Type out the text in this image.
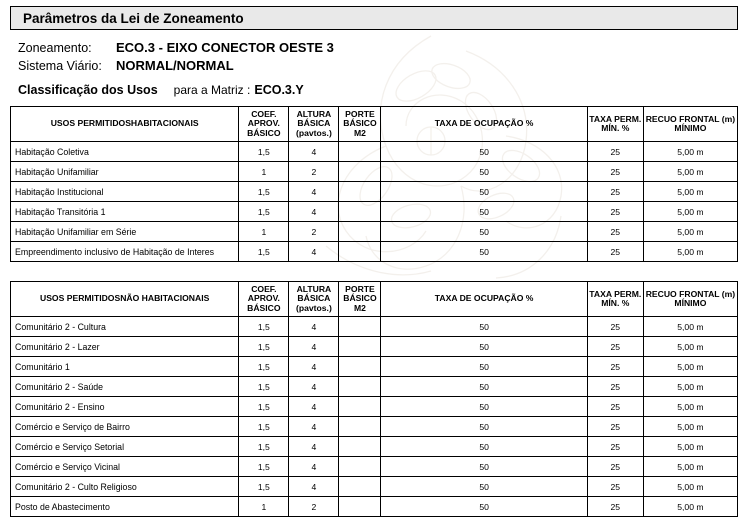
Parâmetros da Lei de Zoneamento
Zoneamento:	ECO.3 - EIXO CONECTOR OESTE 3
Sistema Viário:	NORMAL/NORMAL
Classificação dos Usos para a Matriz : ECO.3.Y
USOS PERMITIDOSHABITACIONAIS	COEF. APROV. BÁSICO	ALTURA BÁSICA (pavtos.)	PORTE BÁSICO M2	TAXA DE OCUPAÇÃO %	TAXA PERM. MÍN. %	RECUO FRONTAL (m) MÍNIMO
Habitação Coletiva	1,5	4		50	25	5,00 m
Habitação Unifamiliar	1	2		50	25	5,00 m
Habitação Institucional	1,5	4		50	25	5,00 m
Habitação Transitória 1	1,5	4		50	25	5,00 m
Habitação Unifamiliar em Série	1	2		50	25	5,00 m
Empreendimento inclusivo de Habitação de Interes	1,5	4		50	25	5,00 m
USOS PERMITIDOSNÃO HABITACIONAIS	COEF. APROV. BÁSICO	ALTURA BÁSICA (pavtos.)	PORTE BÁSICO M2	TAXA DE OCUPAÇÃO %	TAXA PERM. MÍN. %	RECUO FRONTAL (m) MÍNIMO
Comunitário 2 - Cultura	1,5	4		50	25	5,00 m
Comunitário 2 - Lazer	1,5	4		50	25	5,00 m
Comunitário 1	1,5	4		50	25	5,00 m
Comunitário 2 - Saúde	1,5	4		50	25	5,00 m
Comunitário 2 - Ensino	1,5	4		50	25	5,00 m
Comércio e Serviço de Bairro	1,5	4		50	25	5,00 m
Comércio e Serviço Setorial	1,5	4		50	25	5,00 m
Comércio e Serviço Vicinal	1,5	4		50	25	5,00 m
Comunitário 2 - Culto Religioso	1,5	4		50	25	5,00 m
Posto de Abastecimento	1	2		50	25	5,00 m
